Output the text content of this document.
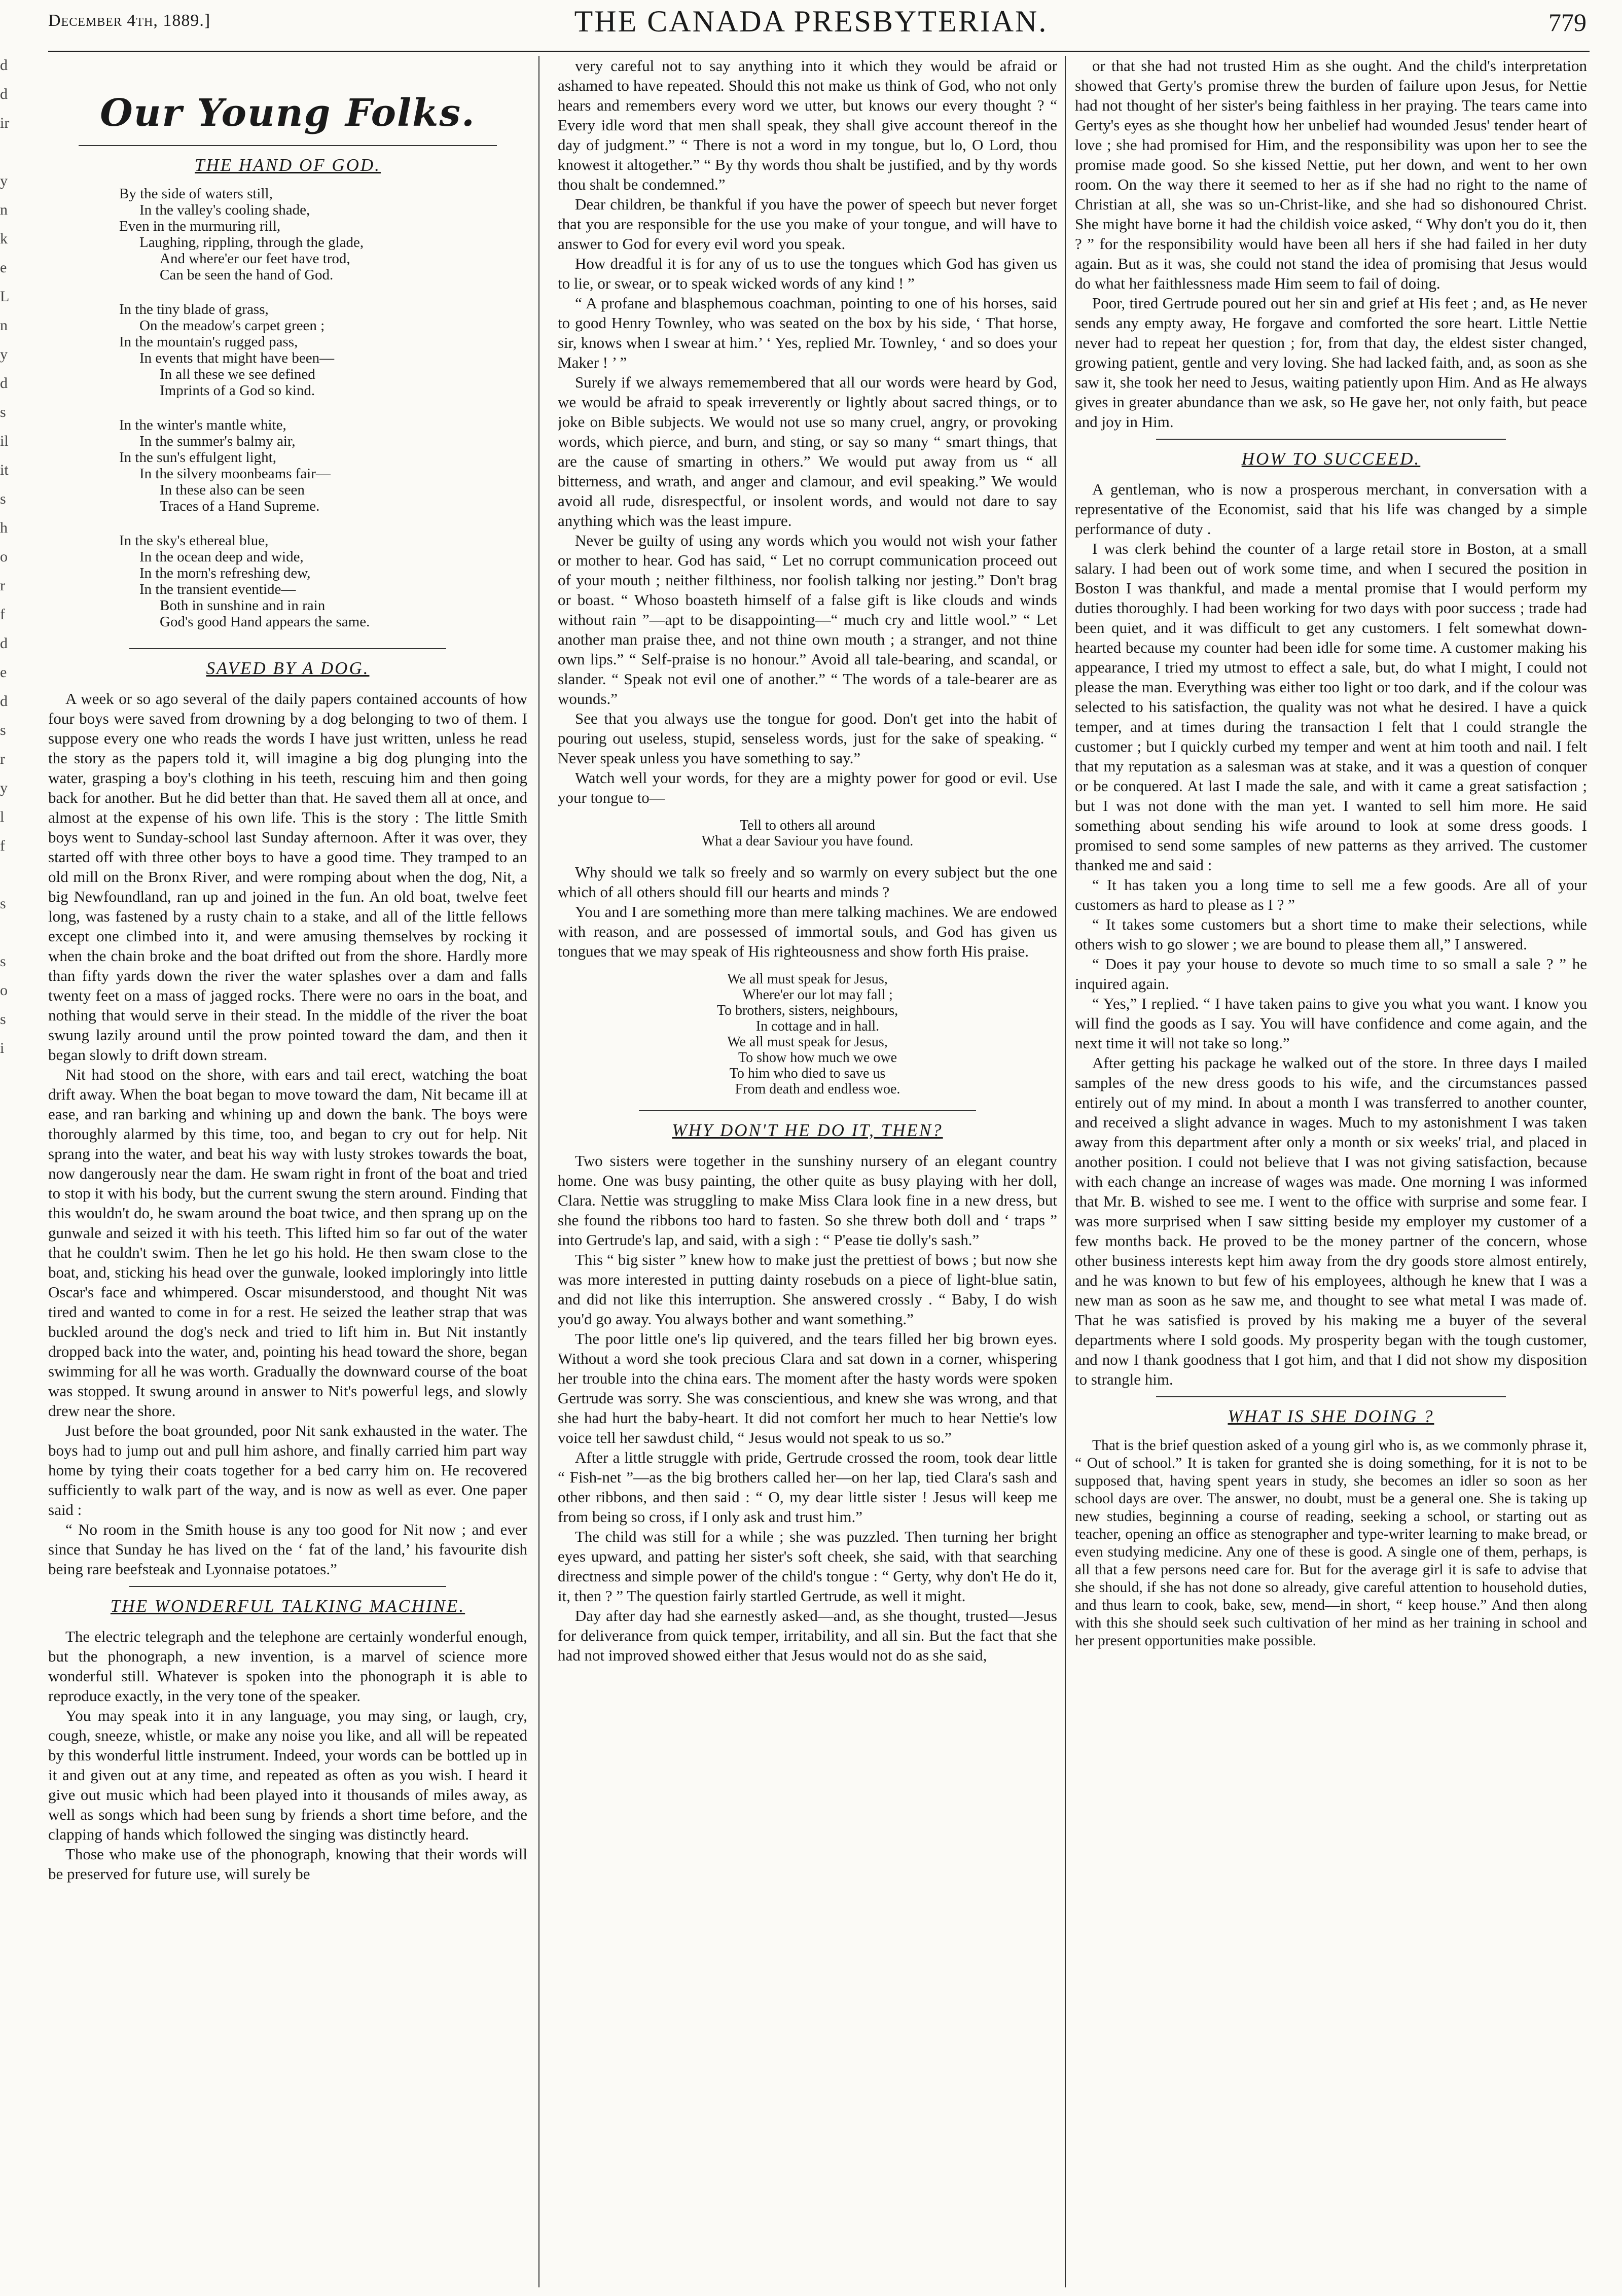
December 4th, 1889.]	THE CANADA PRESBYTERIAN.	779
d
d
ir

y
n
k
e
L
n
y
d
s
il
it
s
h
o
r
f
d
e
d
s
r
y
l
f

s

s
o
s
i
Our Young Folks.
THE HAND OF GOD.
By the side of waters still,
In the valley's cooling shade,
Even in the murmuring rill,
Laughing, rippling, through the glade,
And where'er our feet have trod,
Can be seen the hand of God.
In the tiny blade of grass,
On the meadow's carpet green ;
In the mountain's rugged pass,
In events that might have been—
In all these we see defined
Imprints of a God so kind.
In the winter's mantle white,
In the summer's balmy air,
In the sun's effulgent light,
In the silvery moonbeams fair—
In these also can be seen
Traces of a Hand Supreme.
In the sky's ethereal blue,
In the ocean deep and wide,
In the morn's refreshing dew,
In the transient eventide—
Both in sunshine and in rain
God's good Hand appears the same.
SAVED BY A DOG.

A week or so ago several of the daily papers contained accounts of how four boys were saved from drowning by a dog belonging to two of them. I suppose every one who reads the words I have just written, unless he read the story as the papers told it, will imagine a big dog plunging into the water, grasping a boy's clothing in his teeth, rescuing him and then going back for another. But he did better than that. He saved them all at once, and almost at the expense of his own life. This is the story : The little Smith boys went to Sunday-school last Sunday afternoon. After it was over, they started off with three other boys to have a good time. They tramped to an old mill on the Bronx River, and were romping about when the dog, Nit, a big Newfoundland, ran up and joined in the fun. An old boat, twelve feet long, was fastened by a rusty chain to a stake, and all of the little fellows except one climbed into it, and were amusing themselves by rocking it when the chain broke and the boat drifted out from the shore. Hardly more than fifty yards down the river the water splashes over a dam and falls twenty feet on a mass of jagged rocks. There were no oars in the boat, and nothing that would serve in their stead. In the middle of the river the boat swung lazily around until the prow pointed toward the dam, and then it began slowly to drift down stream.

Nit had stood on the shore, with ears and tail erect, watching the boat drift away. When the boat began to move toward the dam, Nit became ill at ease, and ran barking and whining up and down the bank. The boys were thoroughly alarmed by this time, too, and began to cry out for help. Nit sprang into the water, and beat his way with lusty strokes towards the boat, now dangerously near the dam. He swam right in front of the boat and tried to stop it with his body, but the current swung the stern around. Finding that this wouldn't do, he swam around the boat twice, and then sprang up on the gunwale and seized it with his teeth. This lifted him so far out of the water that he couldn't swim. Then he let go his hold. He then swam close to the boat, and, sticking his head over the gunwale, looked imploringly into little Oscar's face and whimpered. Oscar misunderstood, and thought Nit was tired and wanted to come in for a rest. He seized the leather strap that was buckled around the dog's neck and tried to lift him in. But Nit instantly dropped back into the water, and, pointing his head toward the shore, began swimming for all he was worth. Gradually the downward course of the boat was stopped. It swung around in answer to Nit's powerful legs, and slowly drew near the shore.

Just before the boat grounded, poor Nit sank exhausted in the water. The boys had to jump out and pull him ashore, and finally carried him part way home by tying their coats together for a bed carry him on. He recovered sufficiently to walk part of the way, and is now as well as ever. One paper said :

“ No room in the Smith house is any too good for Nit now ; and ever since that Sunday he has lived on the ‘ fat of the land,’ his favourite dish being rare beefsteak and Lyonnaise potatoes.”

THE WONDERFUL TALKING MACHINE.

The electric telegraph and the telephone are certainly wonderful enough, but the phonograph, a new invention, is a marvel of science more wonderful still. Whatever is spoken into the phonograph it is able to reproduce exactly, in the very tone of the speaker.

You may speak into it in any language, you may sing, or laugh, cry, cough, sneeze, whistle, or make any noise you like, and all will be repeated by this wonderful little instrument. Indeed, your words can be bottled up in it and given out at any time, and repeated as often as you wish. I heard it give out music which had been played into it thousands of miles away, as well as songs which had been sung by friends a short time before, and the clapping of hands which followed the singing was distinctly heard.

Those who make use of the phonograph, knowing that their words will be preserved for future use, will surely be

very careful not to say anything into it which they would be afraid or ashamed to have repeated. Should this not make us think of God, who not only hears and remembers every word we utter, but knows our every thought ? “ Every idle word that men shall speak, they shall give account thereof in the day of judgment.” “ There is not a word in my tongue, but lo, O Lord, thou knowest it altogether.” “ By thy words thou shalt be justified, and by thy words thou shalt be condemned.”

Dear children, be thankful if you have the power of speech but never forget that you are responsible for the use you make of your tongue, and will have to answer to God for every evil word you speak.

How dreadful it is for any of us to use the tongues which God has given us to lie, or swear, or to speak wicked words of any kind ! ”

“ A profane and blasphemous coachman, pointing to one of his horses, said to good Henry Townley, who was seated on the box by his side, ‘ That horse, sir, knows when I swear at him.’ ‘ Yes, replied Mr. Townley, ‘ and so does your Maker ! ’ ”

Surely if we always rememembered that all our words were heard by God, we would be afraid to speak irreverently or lightly about sacred things, or to joke on Bible subjects. We would not use so many cruel, angry, or provoking words, which pierce, and burn, and sting, or say so many “ smart things, that are the cause of smarting in others.” We would put away from us “ all bitterness, and wrath, and anger and clamour, and evil speaking.” We would avoid all rude, disrespectful, or insolent words, and would not dare to say anything which was the least impure.

Never be guilty of using any words which you would not wish your father or mother to hear. God has said, “ Let no corrupt communication proceed out of your mouth ; neither filthiness, nor foolish talking nor jesting.” Don't brag or boast. “ Whoso boasteth himself of a false gift is like clouds and winds without rain ”—apt to be disappointing—“ much cry and little wool.” “ Let another man praise thee, and not thine own mouth ; a stranger, and not thine own lips.” “ Self-praise is no honour.” Avoid all tale-bearing, and scandal, or slander. “ Speak not evil one of another.” “ The words of a tale-bearer are as wounds.”

See that you always use the tongue for good. Don't get into the habit of pouring out useless, stupid, senseless words, just for the sake of speaking. “ Never speak unless you have something to say.”

Watch well your words, for they are a mighty power for good or evil. Use your tongue to—

Tell to others all around
What a dear Saviour you have found.

Why should we talk so freely and so warmly on every subject but the one which of all others should fill our hearts and minds ?

You and I are something more than mere talking machines. We are endowed with reason, and are possessed of immortal souls, and God has given us tongues that we may speak of His righteousness and show forth His praise.

We all must speak for Jesus,
Where'er our lot may fall ;
To brothers, sisters, neighbours,
In cottage and in hall.
We all must speak for Jesus,
To show how much we owe
To him who died to save us
From death and endless woe.
WHY DON'T HE DO IT, THEN?

Two sisters were together in the sunshiny nursery of an elegant country home. One was busy painting, the other quite as busy playing with her doll, Clara. Nettie was struggling to make Miss Clara look fine in a new dress, but she found the ribbons too hard to fasten. So she threw both doll and ‘ traps ” into Gertrude's lap, and said, with a sigh : “ P'ease tie dolly's sash.”

This “ big sister ” knew how to make just the prettiest of bows ; but now she was more interested in putting dainty rosebuds on a piece of light-blue satin, and did not like this interruption. She answered crossly . “ Baby, I do wish you'd go away. You always bother and want something.”

The poor little one's lip quivered, and the tears filled her big brown eyes. Without a word she took precious Clara and sat down in a corner, whispering her trouble into the china ears. The moment after the hasty words were spoken Gertrude was sorry. She was conscientious, and knew she was wrong, and that she had hurt the baby-heart. It did not comfort her much to hear Nettie's low voice tell her sawdust child, “ Jesus would not speak to us so.”

After a little struggle with pride, Gertrude crossed the room, took dear little “ Fish-net ”—as the big brothers called her—on her lap, tied Clara's sash and other ribbons, and then said : “ O, my dear little sister ! Jesus will keep me from being so cross, if I only ask and trust him.”

The child was still for a while ; she was puzzled. Then turning her bright eyes upward, and patting her sister's soft cheek, she said, with that searching directness and simple power of the child's tongue : “ Gerty, why don't He do it, it, then ? ” The question fairly startled Gertrude, as well it might.

Day after day had she earnestly asked—and, as she thought, trusted—Jesus for deliverance from quick temper, irritability, and all sin. But the fact that she had not improved showed either that Jesus would not do as she said,

or that she had not trusted Him as she ought. And the child's interpretation showed that Gerty's promise threw the burden of failure upon Jesus, for Nettie had not thought of her sister's being faithless in her praying. The tears came into Gerty's eyes as she thought how her unbelief had wounded Jesus' tender heart of love ; she had promised for Him, and the responsibility was upon her to see the promise made good. So she kissed Nettie, put her down, and went to her own room. On the way there it seemed to her as if she had no right to the name of Christian at all, she was so un-Christ-like, and she had so dishonoured Christ. She might have borne it had the childish voice asked, “ Why don't you do it, then ? ” for the responsibility would have been all hers if she had failed in her duty again. But as it was, she could not stand the idea of promising that Jesus would do what her faithlessness made Him seem to fail of doing.

Poor, tired Gertrude poured out her sin and grief at His feet ; and, as He never sends any empty away, He forgave and comforted the sore heart. Little Nettie never had to repeat her question ; for, from that day, the eldest sister changed, growing patient, gentle and very loving. She had lacked faith, and, as soon as she saw it, she took her need to Jesus, waiting patiently upon Him. And as He always gives in greater abundance than we ask, so He gave her, not only faith, but peace and joy in Him.

HOW TO SUCCEED.

A gentleman, who is now a prosperous merchant, in conversation with a representative of the Economist, said that his life was changed by a simple performance of duty .

I was clerk behind the counter of a large retail store in Boston, at a small salary. I had been out of work some time, and when I secured the position in Boston I was thankful, and made a mental promise that I would perform my duties thoroughly. I had been working for two days with poor success ; trade had been quiet, and it was difficult to get any customers. I felt somewhat down-hearted because my counter had been idle for some time. A customer making his appearance, I tried my utmost to effect a sale, but, do what I might, I could not please the man. Everything was either too light or too dark, and if the colour was selected to his satisfaction, the quality was not what he desired. I have a quick temper, and at times during the transaction I felt that I could strangle the customer ; but I quickly curbed my temper and went at him tooth and nail. I felt that my reputation as a salesman was at stake, and it was a question of conquer or be conquered. At last I made the sale, and with it came a great satisfaction ; but I was not done with the man yet. I wanted to sell him more. He said something about sending his wife around to look at some dress goods. I promised to send some samples of new patterns as they arrived. The customer thanked me and said :

“ It has taken you a long time to sell me a few goods. Are all of your customers as hard to please as I ? ”

“ It takes some customers but a short time to make their selections, while others wish to go slower ; we are bound to please them all,” I answered.

“ Does it pay your house to devote so much time to so small a sale ? ” he inquired again.

“ Yes,” I replied. “ I have taken pains to give you what you want. I know you will find the goods as I say. You will have confidence and come again, and the next time it will not take so long.”

After getting his package he walked out of the store. In three days I mailed samples of the new dress goods to his wife, and the circumstances passed entirely out of my mind. In about a month I was transferred to another counter, and received a slight advance in wages. Much to my astonishment I was taken away from this department after only a month or six weeks' trial, and placed in another position. I could not believe that I was not giving satisfaction, because with each change an increase of wages was made. One morning I was informed that Mr. B. wished to see me. I went to the office with surprise and some fear. I was more surprised when I saw sitting beside my employer my customer of a few months back. He proved to be the money partner of the concern, whose other business interests kept him away from the dry goods store almost entirely, and he was known to but few of his employees, although he knew that I was a new man as soon as he saw me, and thought to see what metal I was made of. That he was satisfied is proved by his making me a buyer of the several departments where I sold goods. My prosperity began with the tough customer, and now I thank goodness that I got him, and that I did not show my disposition to strangle him.

WHAT IS SHE DOING ?

That is the brief question asked of a young girl who is, as we commonly phrase it, “ Out of school.” It is taken for granted she is doing something, for it is not to be supposed that, having spent years in study, she becomes an idler so soon as her school days are over. The answer, no doubt, must be a general one. She is taking up new studies, beginning a course of reading, seeking a school, or starting out as teacher, opening an office as stenographer and type-writer learning to make bread, or even studying medicine. Any one of these is good. A single one of them, perhaps, is all that a few persons need care for. But for the average girl it is safe to advise that she should, if she has not done so already, give careful attention to household duties, and thus learn to cook, bake, sew, mend—in short, “ keep house.” And then along with this she should seek such cultivation of her mind as her training in school and her present opportunities make possible.
